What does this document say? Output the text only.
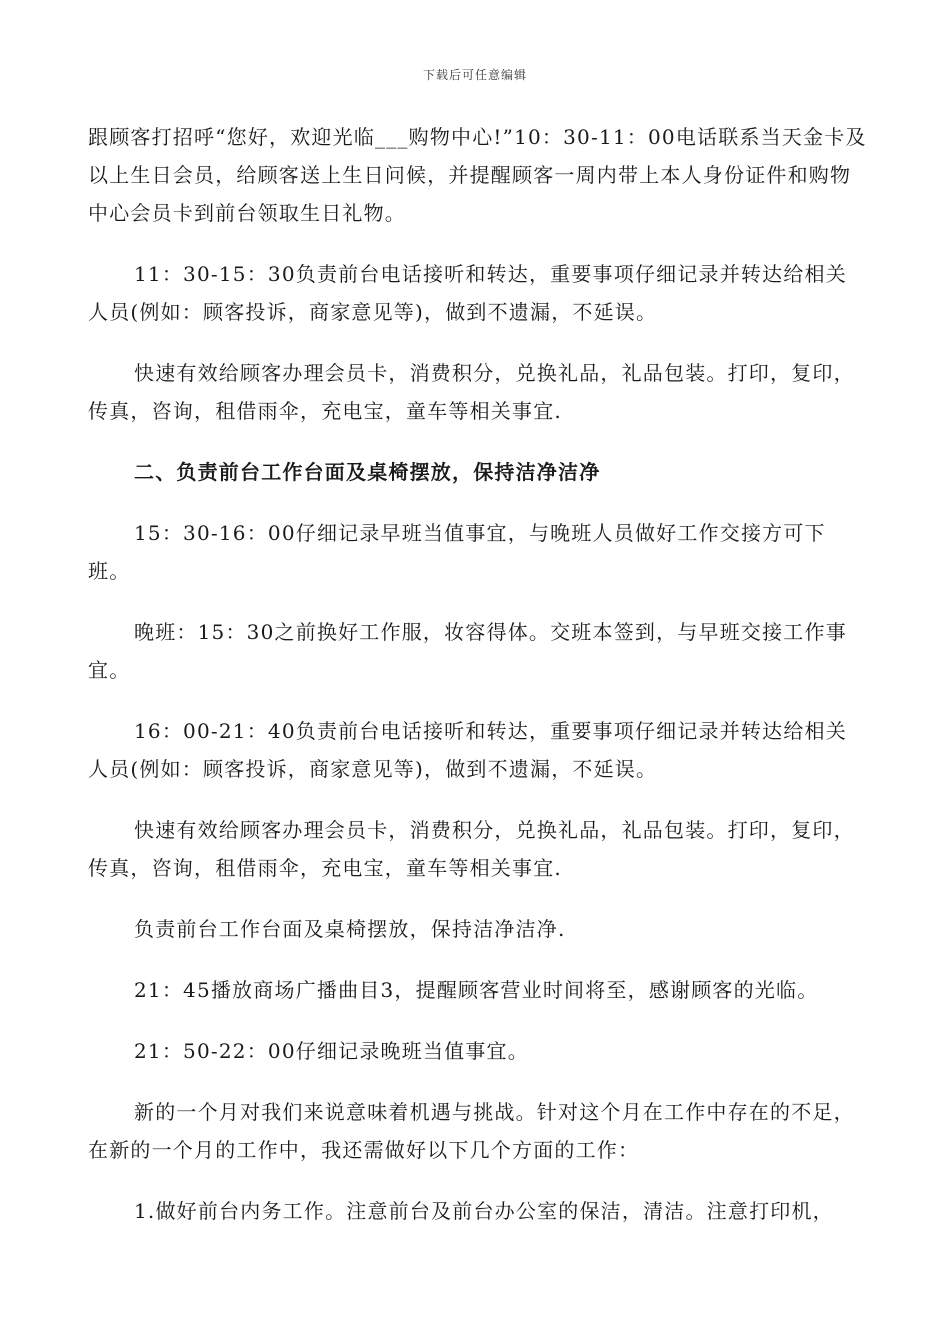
下载后可任意编辑

跟顾客打招呼“您好，欢迎光临___购物中心!”10：30-11：00电话联系当天金卡及以上生日会员，给顾客送上生日问候，并提醒顾客一周内带上本人身份证件和购物中心会员卡到前台领取生日礼物。

11：30-15：30负责前台电话接听和转达，重要事项仔细记录并转达给相关人员(例如：顾客投诉，商家意见等)，做到不遗漏，不延误。

快速有效给顾客办理会员卡，消费积分，兑换礼品，礼品包装。打印，复印，传真，咨询，租借雨伞，充电宝，童车等相关事宜.

二、负责前台工作台面及桌椅摆放，保持洁净洁净

15：30-16：00仔细记录早班当值事宜，与晚班人员做好工作交接方可下班。

晚班：15：30之前换好工作服，妆容得体。交班本签到，与早班交接工作事宜。

16：00-21：40负责前台电话接听和转达，重要事项仔细记录并转达给相关人员(例如：顾客投诉，商家意见等)，做到不遗漏，不延误。

快速有效给顾客办理会员卡，消费积分，兑换礼品，礼品包装。打印，复印，传真，咨询，租借雨伞，充电宝，童车等相关事宜.

负责前台工作台面及桌椅摆放，保持洁净洁净.

21：45播放商场广播曲目3，提醒顾客营业时间将至，感谢顾客的光临。

21：50-22：00仔细记录晚班当值事宜。

新的一个月对我们来说意味着机遇与挑战。针对这个月在工作中存在的不足，在新的一个月的工作中，我还需做好以下几个方面的工作：

1.做好前台内务工作。注意前台及前台办公室的保洁，清洁。注意打印机，
